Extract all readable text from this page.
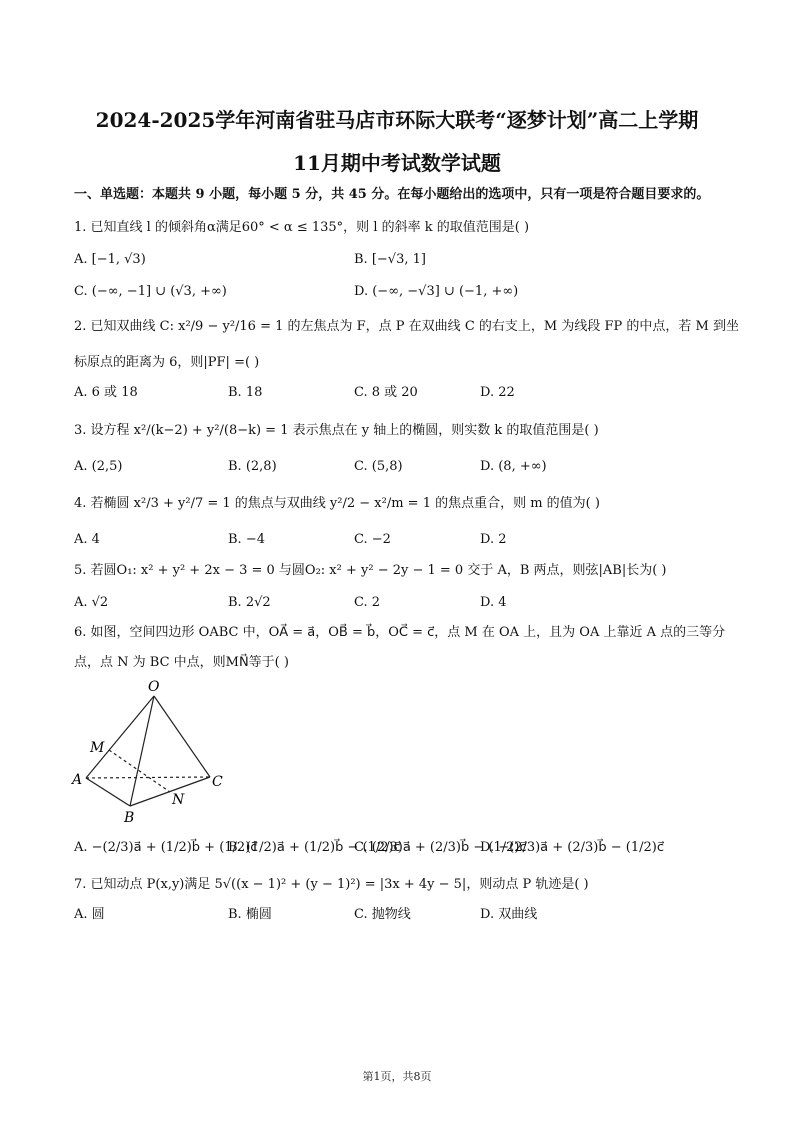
2024-2025学年河南省驻马店市环际大联考“逐梦计划”高二上学期
11月期中考试数学试题
一、单选题：本题共 9 小题，每小题 5 分，共 45 分。在每小题给出的选项中，只有一项是符合题目要求的。
1. 已知直线 l 的倾斜角α满足60° < α ≤ 135°，则 l 的斜率 k 的取值范围是( )
A. [−1, √3)	B. [−√3, 1]
C. (−∞, −1] ∪ (√3, +∞)	D. (−∞, −√3] ∪ (−1, +∞)
2. 已知双曲线 C: x²/9 − y²/16 = 1 的左焦点为 F，点 P 在双曲线 C 的右支上，M 为线段 FP 的中点，若 M 到坐
标原点的距离为 6，则|PF| =( )
A. 6 或 18	B. 18	C. 8 或 20	D. 22
3. 设方程 x²/(k−2) + y²/(8−k) = 1 表示焦点在 y 轴上的椭圆，则实数 k 的取值范围是( )
A. (2,5)	B. (2,8)	C. (5,8)	D. (8, +∞)
4. 若椭圆 x²/3 + y²/7 = 1 的焦点与双曲线 y²/2 − x²/m = 1 的焦点重合，则 m 的值为( )
A. 4	B. −4	C. −2	D. 2
5. 若圆O₁: x² + y² + 2x − 3 = 0 与圆O₂: x² + y² − 2y − 1 = 0 交于 A，B 两点，则弦|AB|长为( )
A. √2	B. 2√2	C. 2	D. 4
6. 如图，空间四边形 OABC 中，OA⃗ = a⃗，OB⃗ = b⃗，OC⃗ = c⃗，点 M 在 OA 上，且为 OA 上靠近 A 点的三等分
点，点 N 为 BC 中点，则MN⃗等于( )
O
M
A	C
N
B
A. −(2/3)a⃗ + (1/2)b⃗ + (1/2)c⃗
B. (1/2)a⃗ + (1/2)b⃗ − (1/2)c⃗
C. (2/3)a⃗ + (2/3)b⃗ − (1/2)c⃗
D. −(2/3)a⃗ + (2/3)b⃗ − (1/2)c⃗
7. 已知动点 P(x,y)满足 5√((x − 1)² + (y − 1)²) = |3x + 4y − 5|，则动点 P 轨迹是( )
A. 圆	B. 椭圆	C. 抛物线	D. 双曲线
第1页，共8页
